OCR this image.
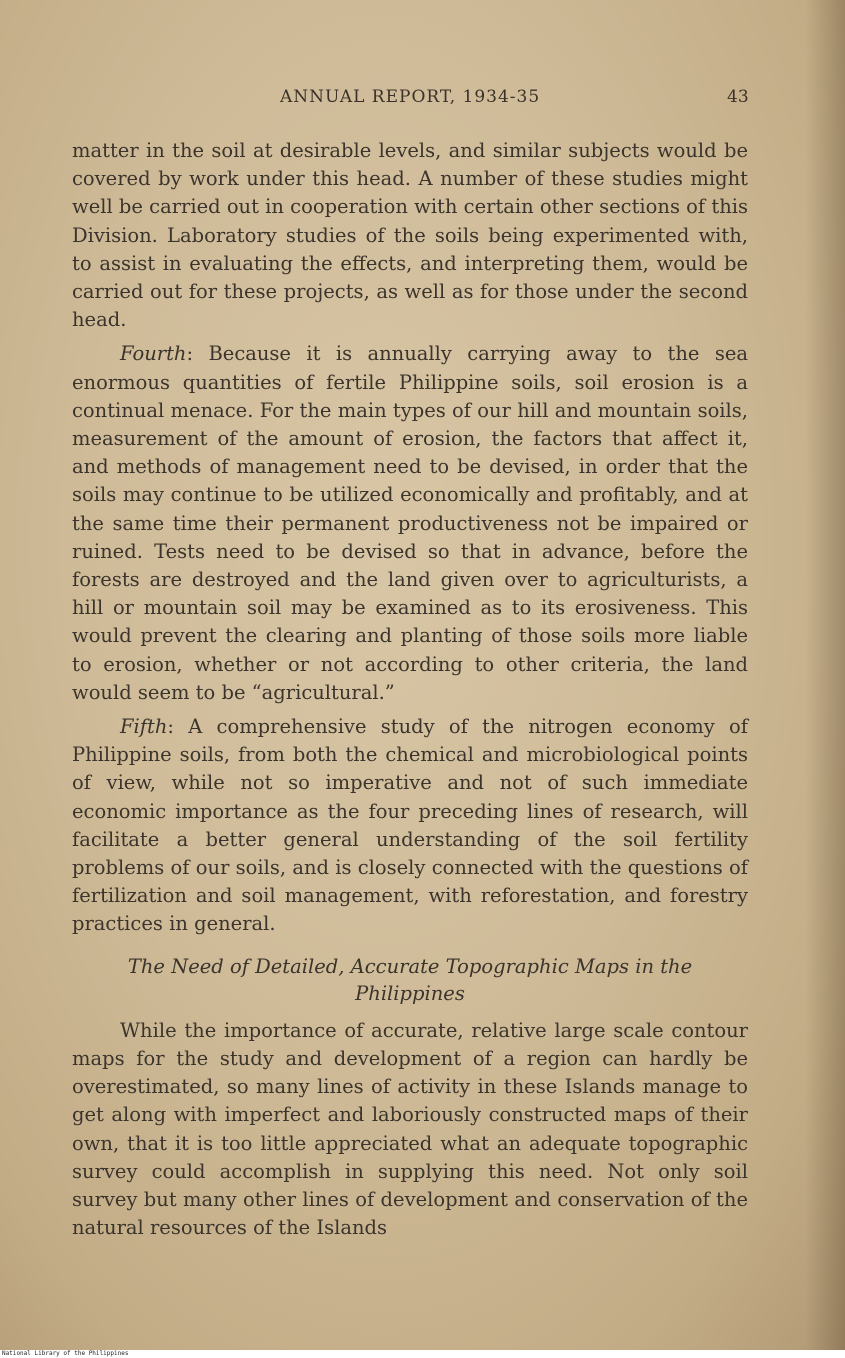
ANNUAL REPORT, 1934-35	43

matter in the soil at desirable levels, and similar subjects would be covered by work under this head. A number of these studies might well be carried out in cooperation with certain other sections of this Division. Laboratory studies of the soils being experimented with, to assist in evaluating the effects, and interpreting them, would be carried out for these projects, as well as for those under the second head.

Fourth: Because it is annually carrying away to the sea enormous quantities of fertile Philippine soils, soil erosion is a continual menace. For the main types of our hill and mountain soils, measurement of the amount of erosion, the factors that affect it, and methods of management need to be devised, in order that the soils may continue to be utilized economically and profitably, and at the same time their permanent productiveness not be impaired or ruined. Tests need to be devised so that in advance, before the forests are destroyed and the land given over to agriculturists, a hill or mountain soil may be examined as to its erosiveness. This would prevent the clearing and planting of those soils more liable to erosion, whether or not according to other criteria, the land would seem to be “agricultural.”

Fifth: A comprehensive study of the nitrogen economy of Philippine soils, from both the chemical and microbiological points of view, while not so imperative and not of such immediate economic importance as the four preceding lines of research, will facilitate a better general understanding of the soil fertility problems of our soils, and is closely connected with the questions of fertilization and soil management, with reforestation, and forestry practices in general.

The Need of Detailed, Accurate Topographic Maps in the Philippines

While the importance of accurate, relative large scale contour maps for the study and development of a region can hardly be overestimated, so many lines of activity in these Islands manage to get along with imperfect and laboriously constructed maps of their own, that it is too little appreciated what an adequate topographic survey could accomplish in supplying this need. Not only soil survey but many other lines of development and conservation of the natural resources of the Islands

National Library of the Philippines
